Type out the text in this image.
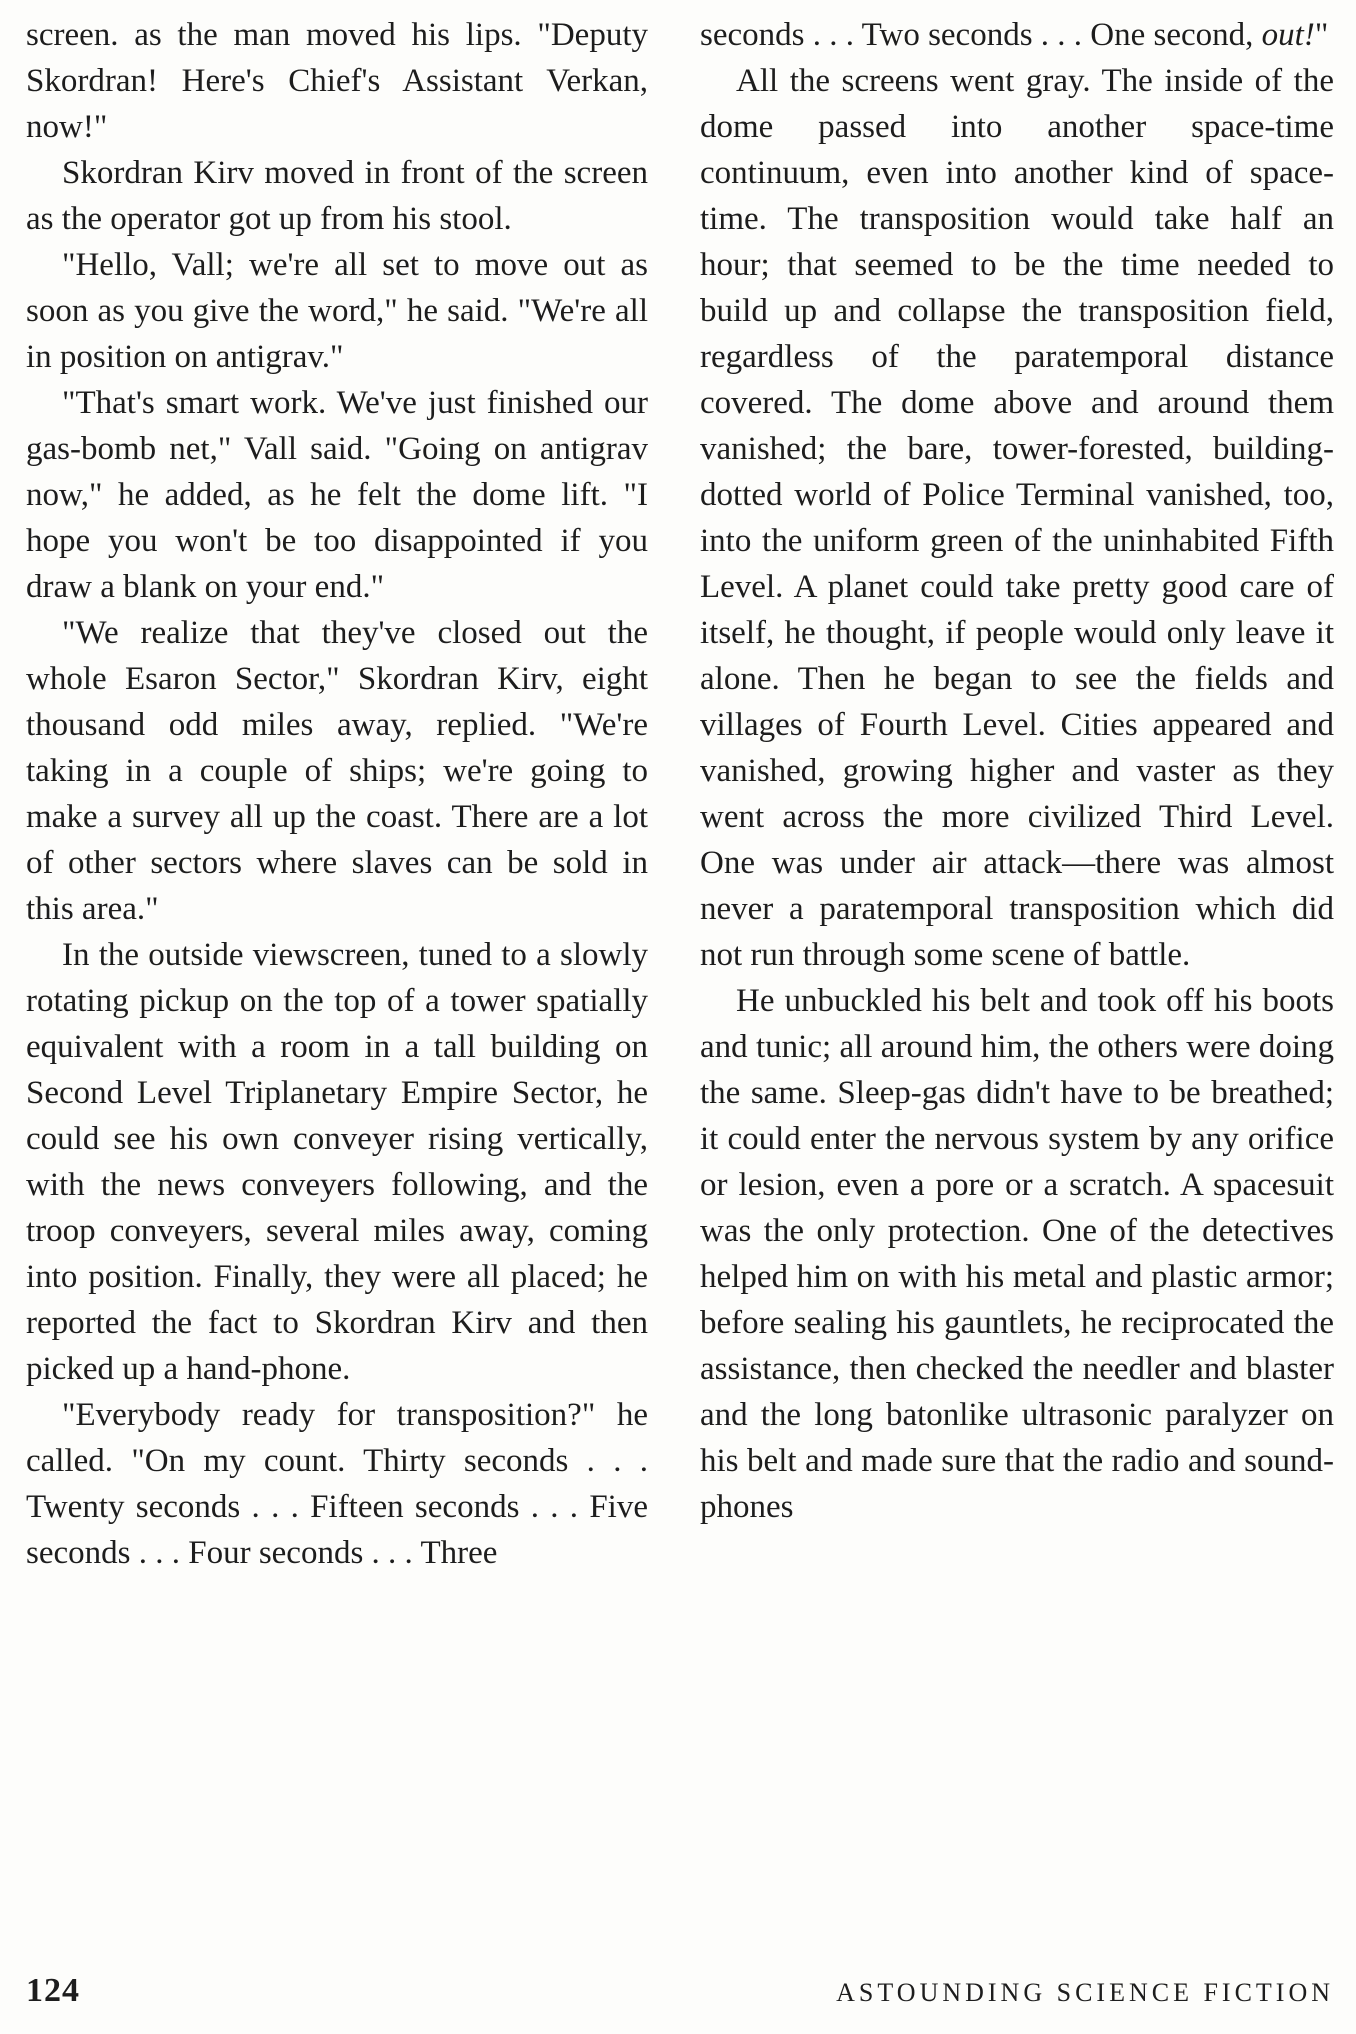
screen. as the man moved his lips. "Deputy Skordran! Here's Chief's Assistant Verkan, now!"

Skordran Kirv moved in front of the screen as the operator got up from his stool.

"Hello, Vall; we're all set to move out as soon as you give the word," he said. "We're all in position on antigrav."

"That's smart work. We've just finished our gas-bomb net," Vall said. "Going on antigrav now," he added, as he felt the dome lift. "I hope you won't be too disappointed if you draw a blank on your end."

"We realize that they've closed out the whole Esaron Sector," Skordran Kirv, eight thousand odd miles away, replied. "We're taking in a couple of ships; we're going to make a survey all up the coast. There are a lot of other sectors where slaves can be sold in this area."

In the outside viewscreen, tuned to a slowly rotating pickup on the top of a tower spatially equivalent with a room in a tall building on Second Level Triplanetary Empire Sector, he could see his own conveyer rising vertically, with the news conveyers following, and the troop conveyers, several miles away, coming into position. Finally, they were all placed; he reported the fact to Skordran Kirv and then picked up a hand-phone.

"Everybody ready for transposition?" he called. "On my count. Thirty seconds . . . Twenty seconds . . . Fifteen seconds . . . Five seconds . . . Four seconds . . . Three

seconds . . . Two seconds . . . One second, out!"

All the screens went gray. The inside of the dome passed into another space-time continuum, even into another kind of space-time. The transposition would take half an hour; that seemed to be the time needed to build up and collapse the transposition field, regardless of the paratemporal distance covered. The dome above and around them vanished; the bare, tower-forested, building-dotted world of Police Terminal vanished, too, into the uniform green of the uninhabited Fifth Level. A planet could take pretty good care of itself, he thought, if people would only leave it alone. Then he began to see the fields and villages of Fourth Level. Cities appeared and vanished, growing higher and vaster as they went across the more civilized Third Level. One was under air attack—there was almost never a paratemporal transposition which did not run through some scene of battle.

He unbuckled his belt and took off his boots and tunic; all around him, the others were doing the same. Sleep-gas didn't have to be breathed; it could enter the nervous system by any orifice or lesion, even a pore or a scratch. A spacesuit was the only protection. One of the detectives helped him on with his metal and plastic armor; before sealing his gauntlets, he reciprocated the assistance, then checked the needler and blaster and the long batonlike ultrasonic paralyzer on his belt and made sure that the radio and sound-phones

124	ASTOUNDING SCIENCE FICTION
